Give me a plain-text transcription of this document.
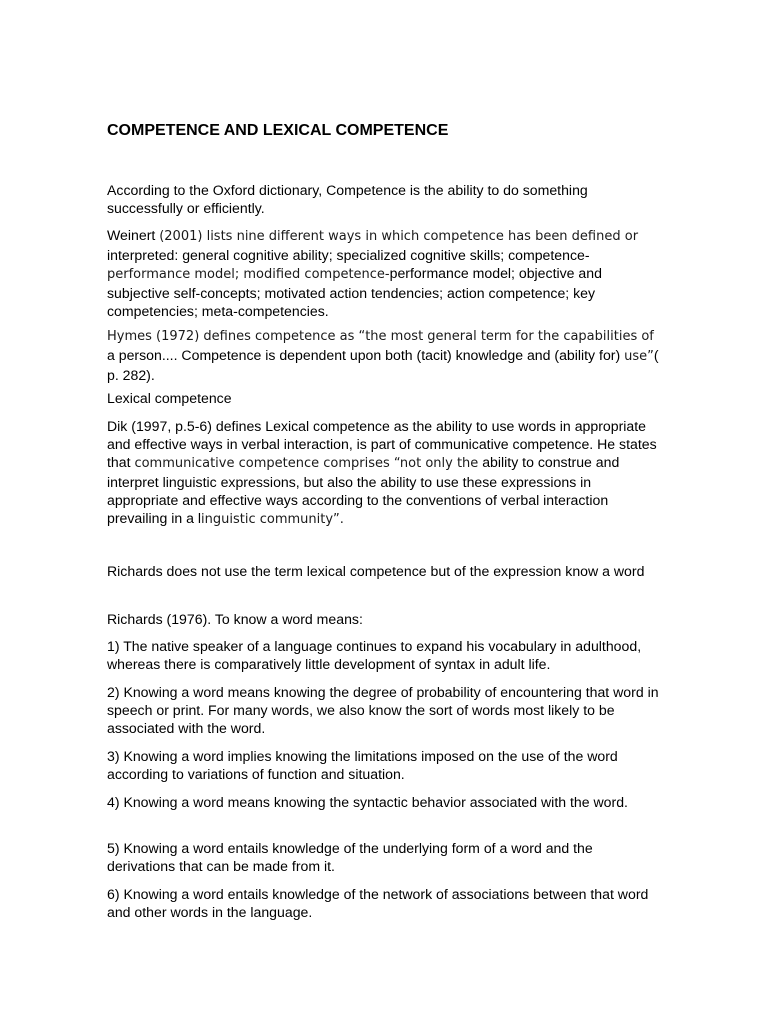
COMPETENCE AND LEXICAL COMPETENCE

According to the Oxford dictionary, Competence is the ability to do something successfully or efficiently.

Weinert (2001) lists nine different ways in which competence has been defined or interpreted: general cognitive ability; specialized cognitive skills; competence-performance model; modified competence-performance model; objective and subjective self-concepts; motivated action tendencies; action competence; key competencies; meta-competencies.

Hymes (1972) defines competence as “the most general term for the capabilities of a person.... Competence is dependent upon both (tacit) knowledge and (ability for) use”( p. 282).

Lexical competence

Dik (1997, p.5-6) defines Lexical competence as the ability to use words in appropriate and effective ways in verbal interaction, is part of communicative competence. He states that communicative competence comprises “not only the ability to construe and interpret linguistic expressions, but also the ability to use these expressions in appropriate and effective ways according to the conventions of verbal interaction prevailing in a linguistic community”.

Richards does not use the term lexical competence but of the expression know a word

Richards (1976). To know a word means:

1) The native speaker of a language continues to expand his vocabulary in adulthood, whereas there is comparatively little development of syntax in adult life.

2) Knowing a word means knowing the degree of probability of encountering that word in speech or print. For many words, we also know the sort of words most likely to be associated with the word.

3) Knowing a word implies knowing the limitations imposed on the use of the word according to variations of function and situation.

4) Knowing a word means knowing the syntactic behavior associated with the word.

5) Knowing a word entails knowledge of the underlying form of a word and the derivations that can be made from it.

6) Knowing a word entails knowledge of the network of associations between that word and other words in the language.
